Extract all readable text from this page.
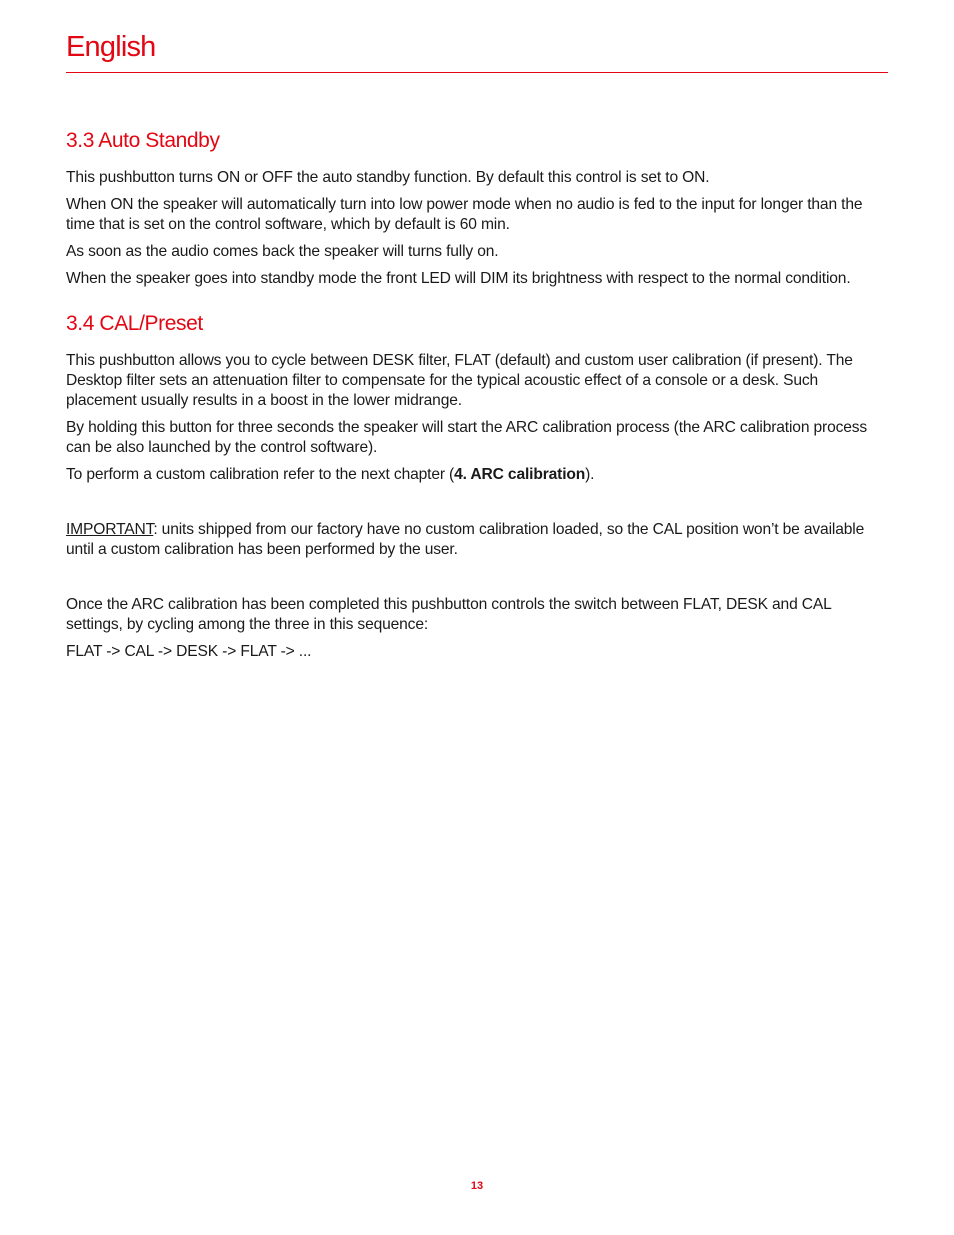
English
3.3 Auto Standby

This pushbutton turns ON or OFF the auto standby function. By default this control is set to ON.

When ON the speaker will automatically turn into low power mode when no audio is fed to the input for longer than the time that is set on the control software, which by default is 60 min.

As soon as the audio comes back the speaker will turns fully on.

When the speaker goes into standby mode the front LED will DIM its brightness with respect to the normal condition.

3.4 CAL/Preset

This pushbutton allows you to cycle between DESK filter, FLAT (default) and custom user calibration (if present). The Desktop filter sets an attenuation filter to compensate for the typical acoustic effect of a console or a desk. Such placement usually results in a boost in the lower midrange.

By holding this button for three seconds the speaker will start the ARC calibration process (the ARC calibration process can be also launched by the control software).

To perform a custom calibration refer to the next chapter (4. ARC calibration).

IMPORTANT: units shipped from our factory have no custom calibration loaded, so the CAL position won’t be available until a custom calibration has been performed by the user.

Once the ARC calibration has been completed this pushbutton controls the switch between FLAT, DESK and CAL settings, by cycling among the three in this sequence:

FLAT -> CAL -> DESK -> FLAT -> ...

13
